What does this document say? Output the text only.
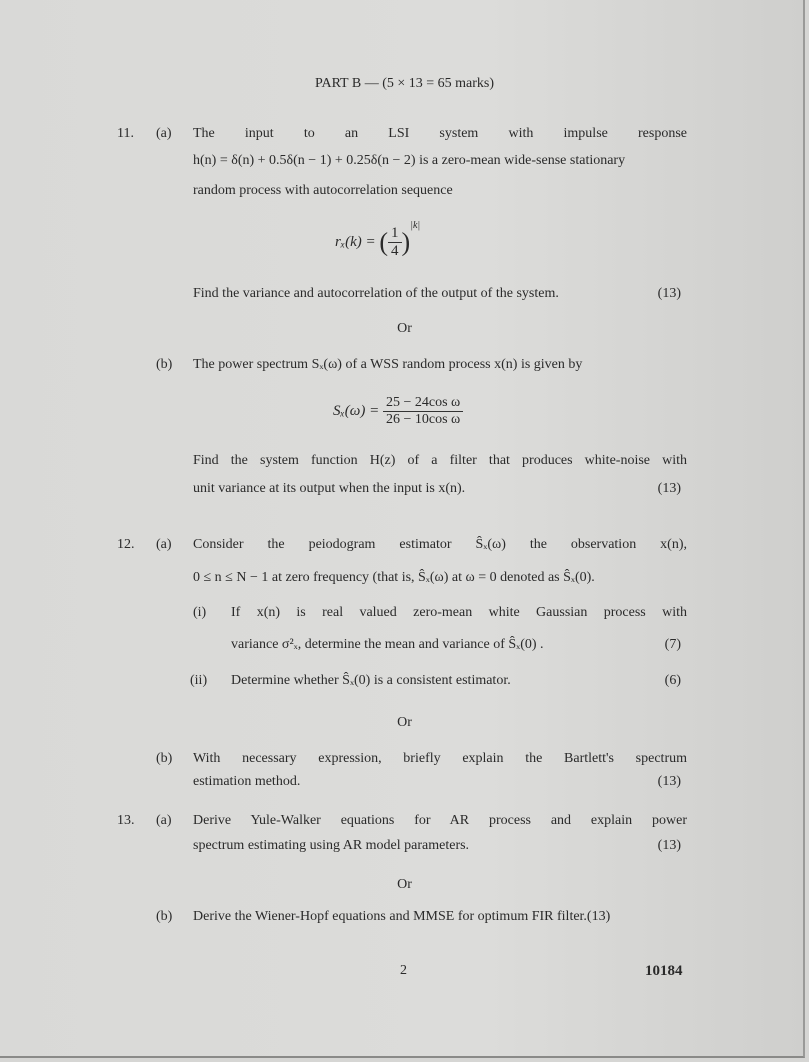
PART B — (5 × 13 = 65 marks)
11. (a) The input to an LSI system with impulse response
h(n) = δ(n) + 0.5δ(n − 1) + 0.25δ(n − 2) is a zero-mean wide-sense stationary
random process with autocorrelation sequence
rₓ(k) = ( $\frac{1}{4} )^{|k|}$
Find the variance and autocorrelation of the output of the system.	(13)
Or
(b) The power spectrum Sₓ(ω) of a WSS random process x(n) is given by
$S_x(\omega) = \frac{\text{25 − 24cos ω}}{\text{26 − 10cos ω}}$
Find the system function H(z) of a filter that produces white-noise with
unit variance at its output when the input is x(n).	(13)
12. (a) Consider the peiodogram estimator Ŝₓ(ω) the observation x(n),
0 ≤ n ≤ N − 1 at zero frequency (that is, Ŝₓ(ω) at ω = 0 denoted as Ŝₓ(0).
(i) If x(n) is real valued zero-mean white Gaussian process with
variance σ²ₓ, determine the mean and variance of Ŝₓ(0) .	(7)
(ii) Determine whether Ŝₓ(0) is a consistent estimator.	(6)
Or
(b) With necessary expression, briefly explain the Bartlett's spectrum
estimation method.	(13)
13. (a) Derive Yule-Walker equations for AR process and explain power
spectrum estimating using AR model parameters.	(13)
Or
(b) Derive the Wiener-Hopf equations and MMSE for optimum FIR filter.(13)
2	10184
